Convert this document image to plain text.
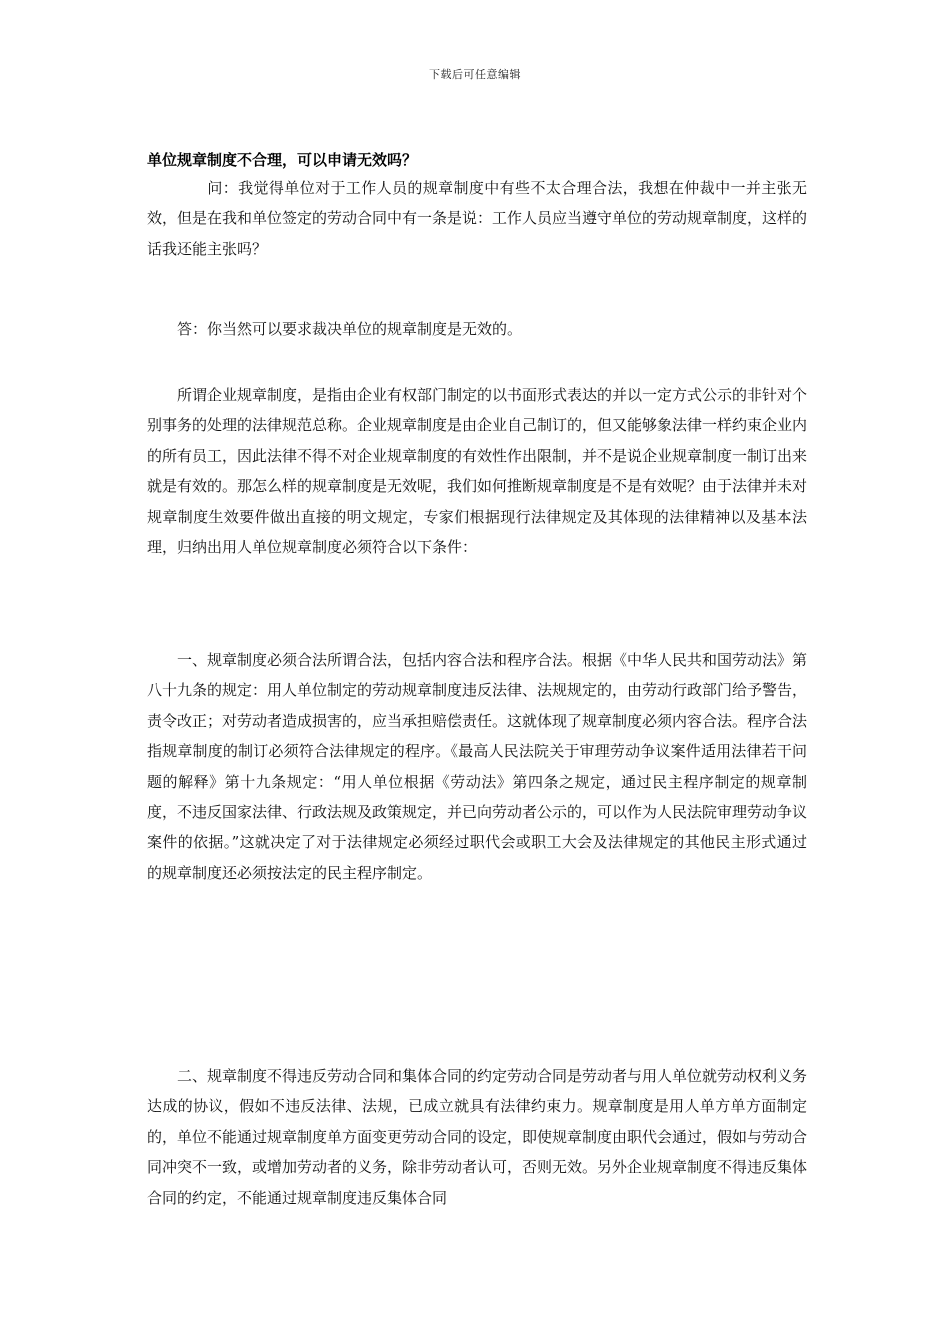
下载后可任意编辑
单位规章制度不合理，可以申请无效吗？

问：我觉得单位对于工作人员的规章制度中有些不太合理合法，我想在仲裁中一并主张无效，但是在我和单位签定的劳动合同中有一条是说：工作人员应当遵守单位的劳动规章制度，这样的话我还能主张吗？

答：你当然可以要求裁决单位的规章制度是无效的。

所谓企业规章制度，是指由企业有权部门制定的以书面形式表达的并以一定方式公示的非针对个别事务的处理的法律规范总称。企业规章制度是由企业自己制订的，但又能够象法律一样约束企业内的所有员工，因此法律不得不对企业规章制度的有效性作出限制，并不是说企业规章制度一制订出来就是有效的。那怎么样的规章制度是无效呢，我们如何推断规章制度是不是有效呢？由于法律并未对规章制度生效要件做出直接的明文规定，专家们根据现行法律规定及其体现的法律精神以及基本法理，归纳出用人单位规章制度必须符合以下条件：

一、规章制度必须合法所谓合法，包括内容合法和程序合法。根据《中华人民共和国劳动法》第八十九条的规定：用人单位制定的劳动规章制度违反法律、法规规定的，由劳动行政部门给予警告，责令改正；对劳动者造成损害的，应当承担赔偿责任。这就体现了规章制度必须内容合法。程序合法指规章制度的制订必须符合法律规定的程序。《最高人民法院关于审理劳动争议案件适用法律若干问题的解释》第十九条规定：“用人单位根据《劳动法》第四条之规定，通过民主程序制定的规章制度，不违反国家法律、行政法规及政策规定，并已向劳动者公示的，可以作为人民法院审理劳动争议案件的依据。”这就决定了对于法律规定必须经过职代会或职工大会及法律规定的其他民主形式通过的规章制度还必须按法定的民主程序制定。

二、规章制度不得违反劳动合同和集体合同的约定劳动合同是劳动者与用人单位就劳动权利义务达成的协议，假如不违反法律、法规，已成立就具有法律约束力。规章制度是用人单方单方面制定的，单位不能通过规章制度单方面变更劳动合同的设定，即使规章制度由职代会通过，假如与劳动合同冲突不一致，或增加劳动者的义务，除非劳动者认可，否则无效。另外企业规章制度不得违反集体合同的约定，不能通过规章制度违反集体合同
